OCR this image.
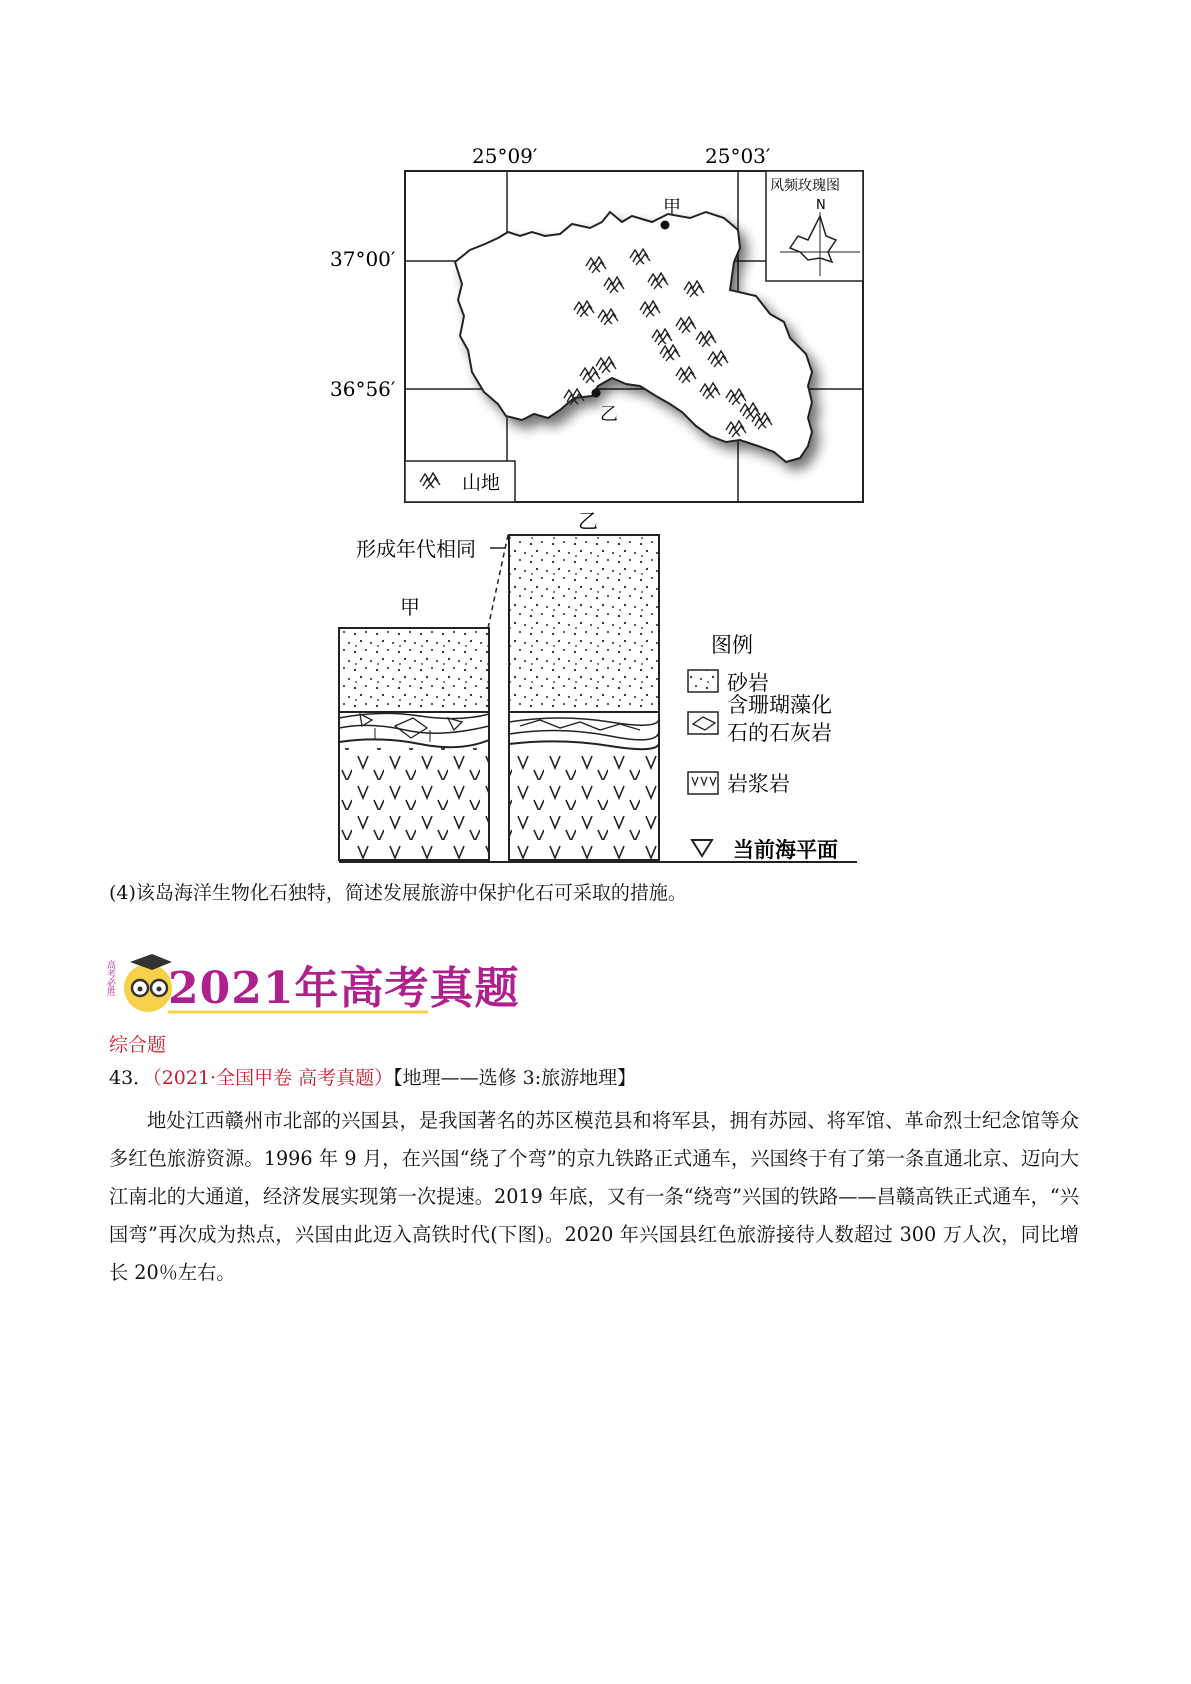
25°09′	25°03′
37°00′
36°56′
甲
乙
风频玫瑰图
N
山地
乙
甲
形成年代相同
图例
砂岩
含珊瑚藻化
石的石灰岩
岩浆岩
当前海平面
(4)该岛海洋生物化石独特，简述发展旅游中保护化石可采取的措施。
高考必胜 2021年高考真题
综合题
43．（2021·全国甲卷 高考真题）【地理——选修 3:旅游地理】
地处江西赣州市北部的兴国县，是我国著名的苏区模范县和将军县，拥有苏园、将军馆、革命烈士纪念馆等众多红色旅游资源。1996 年 9 月，在兴国“绕了个弯”的京九铁路正式通车，兴国终于有了第一条直通北京、迈向大江南北的大通道，经济发展实现第一次提速。2019 年底，又有一条“绕弯”兴国的铁路——昌赣高铁正式通车，“兴国弯”再次成为热点，兴国由此迈入高铁时代(下图)。2020 年兴国县红色旅游接待人数超过 300 万人次，同比增长 20％左右。
